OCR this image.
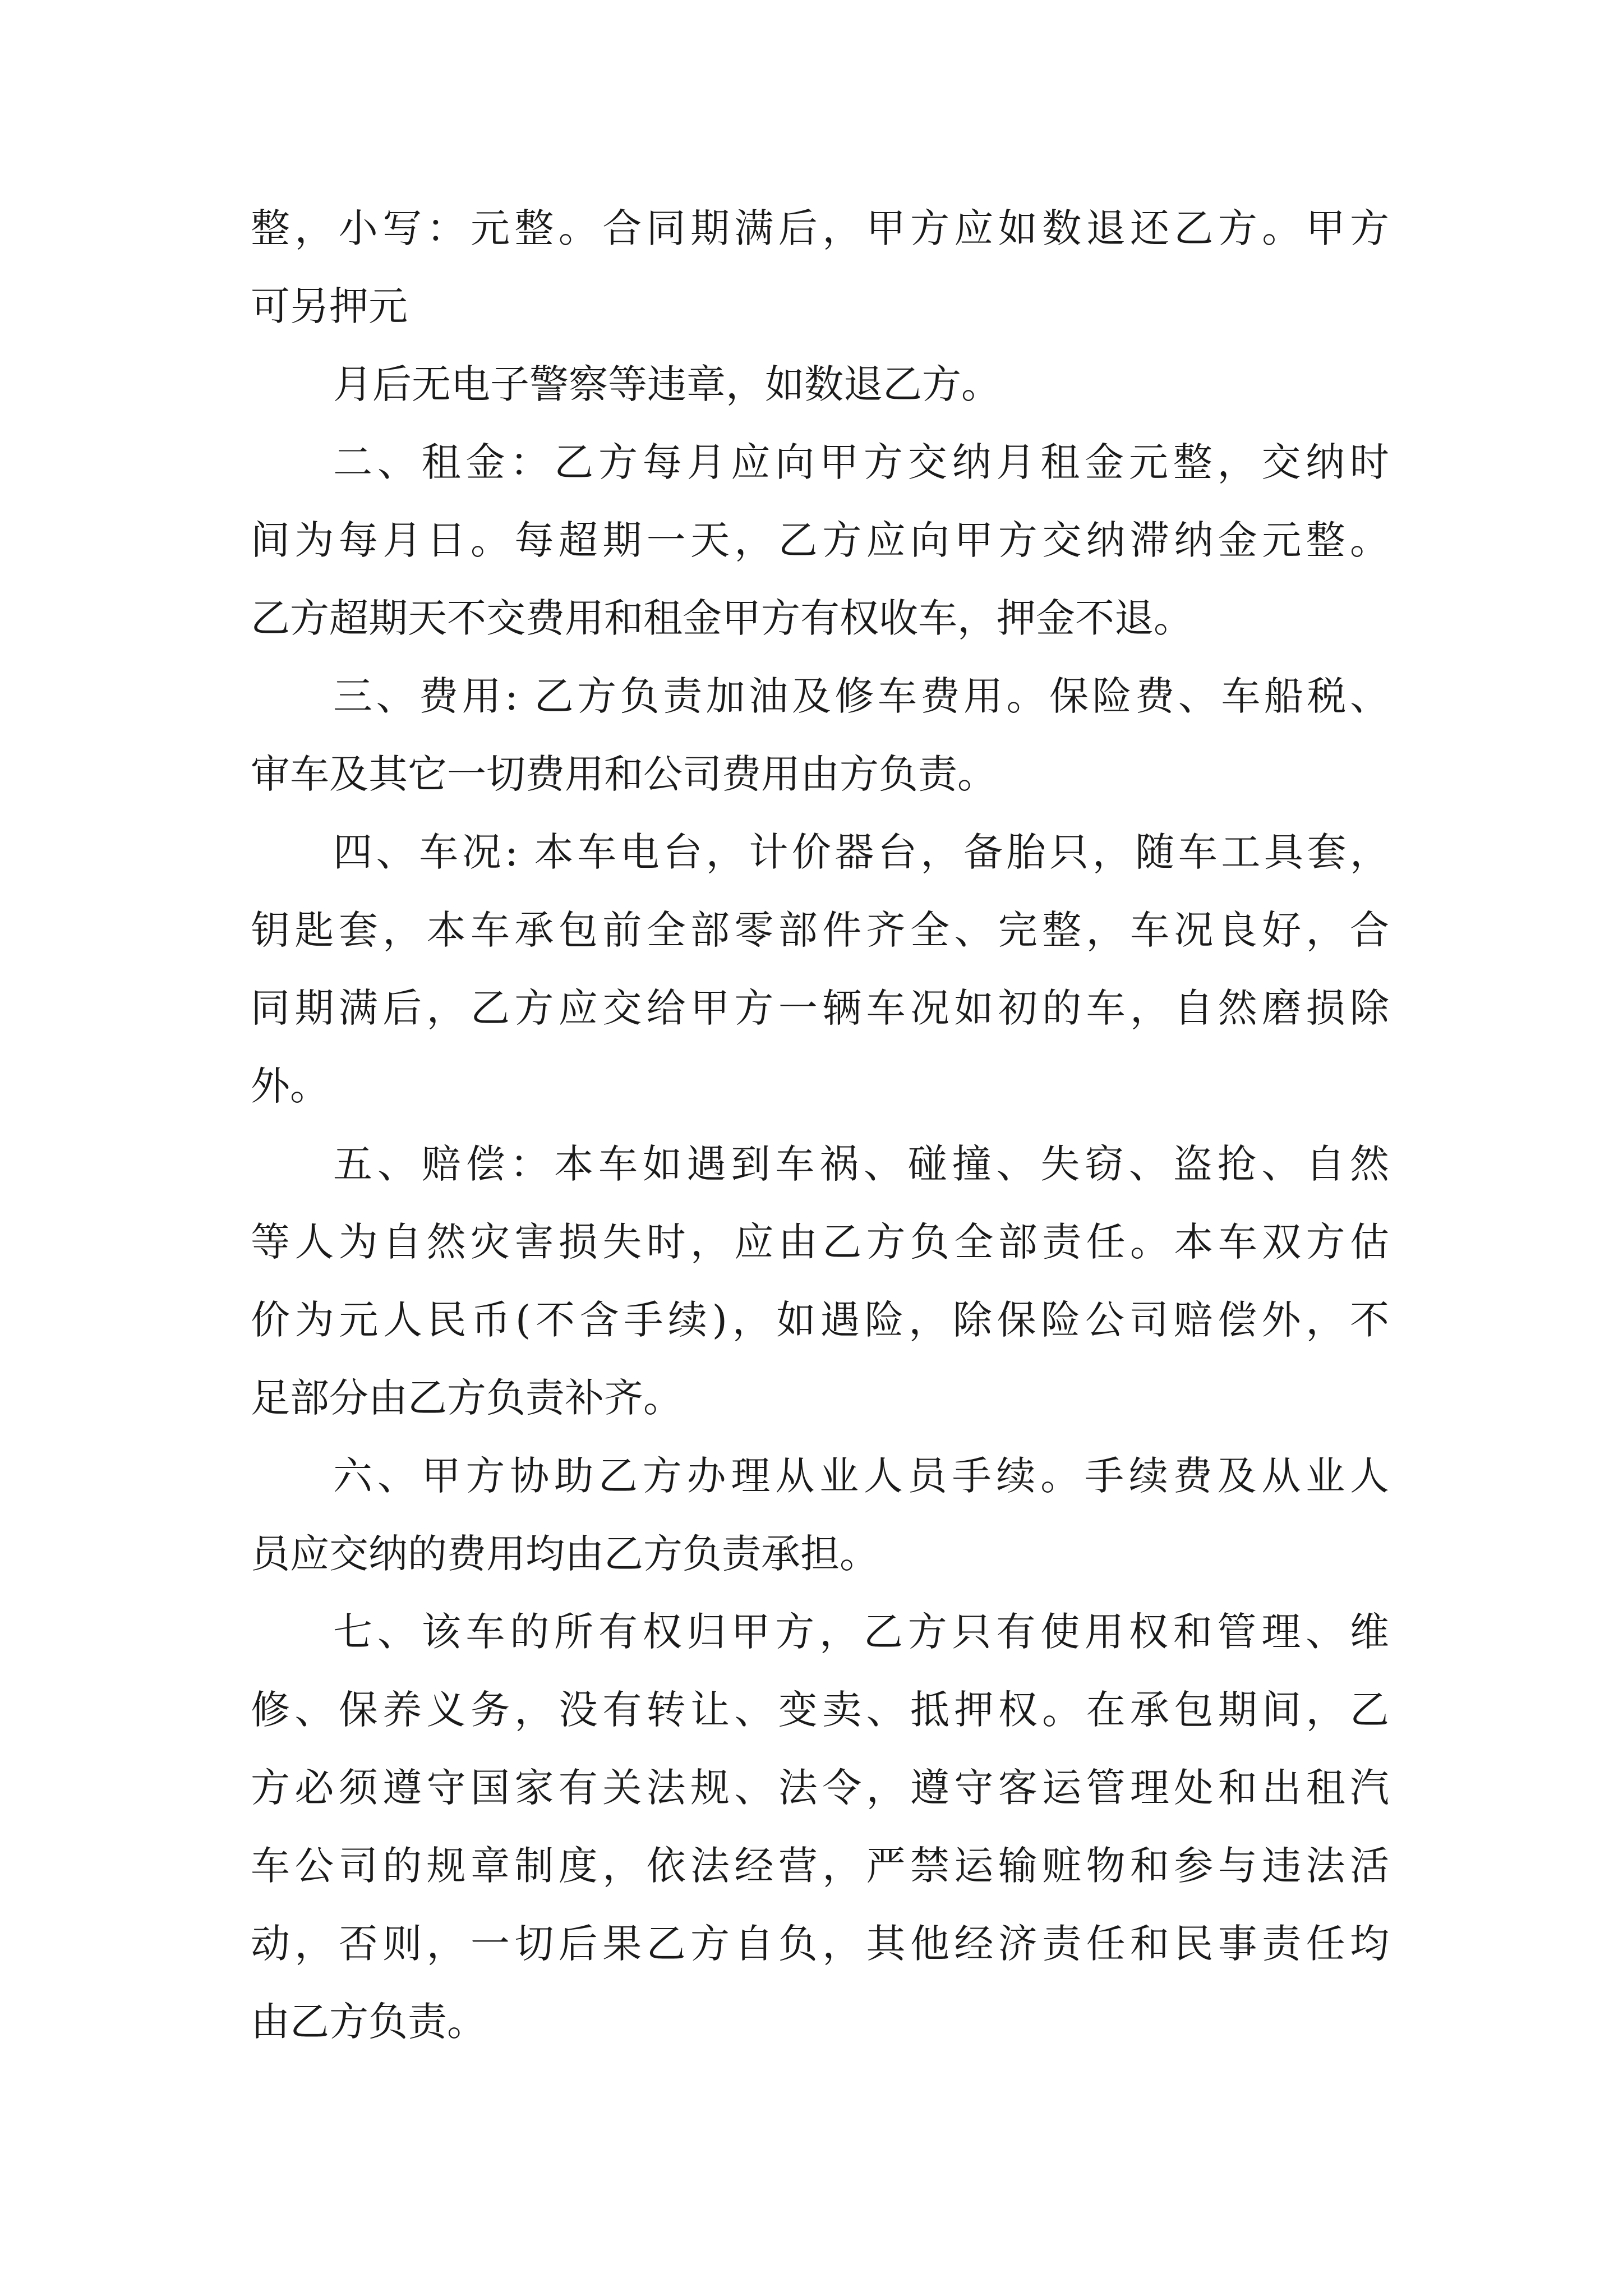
整，小写：元整。合同期满后，甲方应如数退还乙方。甲方
可另押元
月后无电子警察等违章，如数退乙方。
二、租金：乙方每月应向甲方交纳月租金元整，交纳时
间为每月日。每超期一天，乙方应向甲方交纳滞纳金元整。
乙方超期天不交费用和租金甲方有权收车，押金不退。
三、费用: 乙方负责加油及修车费用。保险费、车船税、
审车及其它一切费用和公司费用由方负责。
四、车况: 本车电台，计价器台，备胎只，随车工具套，
钥匙套，本车承包前全部零部件齐全、完整，车况良好，合
同期满后，乙方应交给甲方一辆车况如初的车，自然磨损除
外。
五、赔偿：本车如遇到车祸、碰撞、失窃、盗抢、自然
等人为自然灾害损失时，应由乙方负全部责任。本车双方估
价为元人民币(不含手续)，如遇险，除保险公司赔偿外，不
足部分由乙方负责补齐。
六、甲方协助乙方办理从业人员手续。手续费及从业人
员应交纳的费用均由乙方负责承担。
七、该车的所有权归甲方，乙方只有使用权和管理、维
修、保养义务，没有转让、变卖、抵押权。在承包期间，乙
方必须遵守国家有关法规、法令，遵守客运管理处和出租汽
车公司的规章制度，依法经营，严禁运输赃物和参与违法活
动，否则，一切后果乙方自负，其他经济责任和民事责任均
由乙方负责。
